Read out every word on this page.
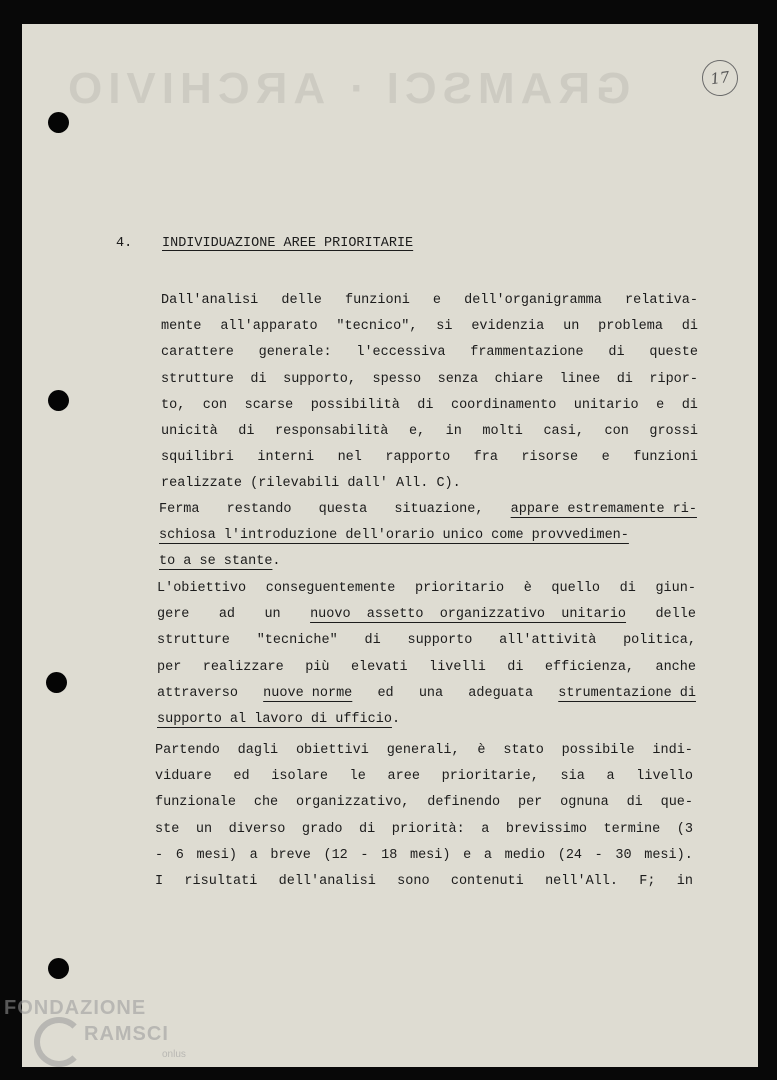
GRAMSCI · ARCHIVIO	17
4. INDIVIDUAZIONE AREE PRIORITARIE
Dall'analisi delle funzioni e dell'organigramma relativa-
mente all'apparato "tecnico", si evidenzia un problema di
carattere generale: l'eccessiva frammentazione di queste
strutture di supporto, spesso senza chiare linee di ripor-
to, con scarse possibilità di coordinamento unitario e di
unicità di responsabilità e, in molti casi, con grossi
squilibri interni nel rapporto fra risorse e funzioni
realizzate (rilevabili dall' All. C).
Ferma restando questa situazione, appare estremamente ri-
schiosa l'introduzione dell'orario unico come provvedimen-
to a se stante .
L'obiettivo conseguentemente prioritario è quello di giun-
gere ad un nuovo  assetto  organizzativo  unitario delle
strutture "tecniche" di supporto all'attività politica,
per realizzare più elevati livelli di efficienza, anche
attraverso nuove norme ed una adeguata strumentazione di
supporto al lavoro di ufficio .
Partendo dagli obiettivi generali, è stato possibile indi-
viduare ed isolare le aree prioritarie, sia a livello
funzionale che organizzativo, definendo per ognuna di que-
ste un diverso grado di priorità: a brevissimo termine (3
- 6 mesi) a breve (12 - 18 mesi) e a medio (24 - 30 mesi).
I risultati dell'analisi sono contenuti nell'All. F; in
FONDAZIONE
RAMSCI
onlus
